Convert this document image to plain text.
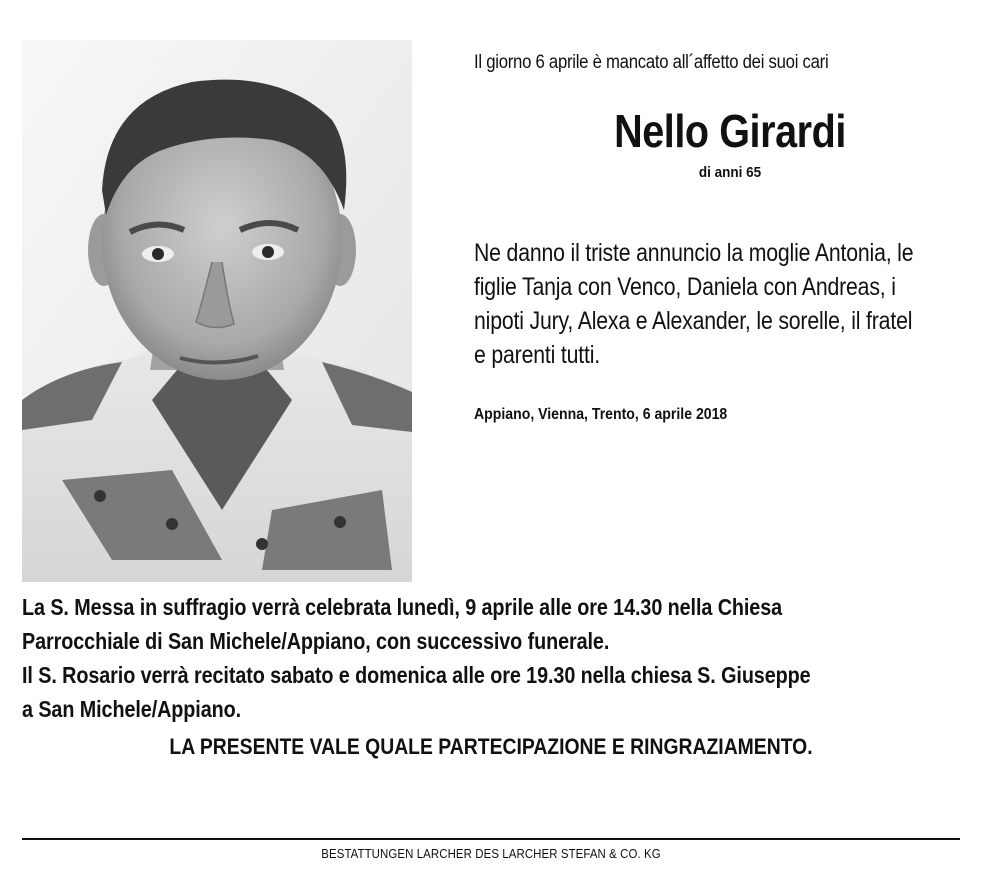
Il giorno 6 aprile è mancato all´affetto dei suoi cari
Nello Girardi
di anni 65
Ne danno il triste annuncio la moglie Antonia, le
figlie Tanja con Venco, Daniela con Andreas, i
nipoti Jury, Alexa e Alexander, le sorelle, il fratel
e parenti tutti.
Appiano, Vienna, Trento, 6 aprile 2018
La S. Messa in suffragio verrà celebrata lunedì, 9 aprile alle ore 14.30 nella Chiesa
Parrocchiale di San Michele/Appiano, con successivo funerale.
Il S. Rosario verrà recitato sabato e domenica alle ore 19.30 nella chiesa S. Giuseppe
a San Michele/Appiano.
LA PRESENTE VALE QUALE PARTECIPAZIONE E RINGRAZIAMENTO.
BESTATTUNGEN LARCHER DES LARCHER STEFAN & CO. KG
